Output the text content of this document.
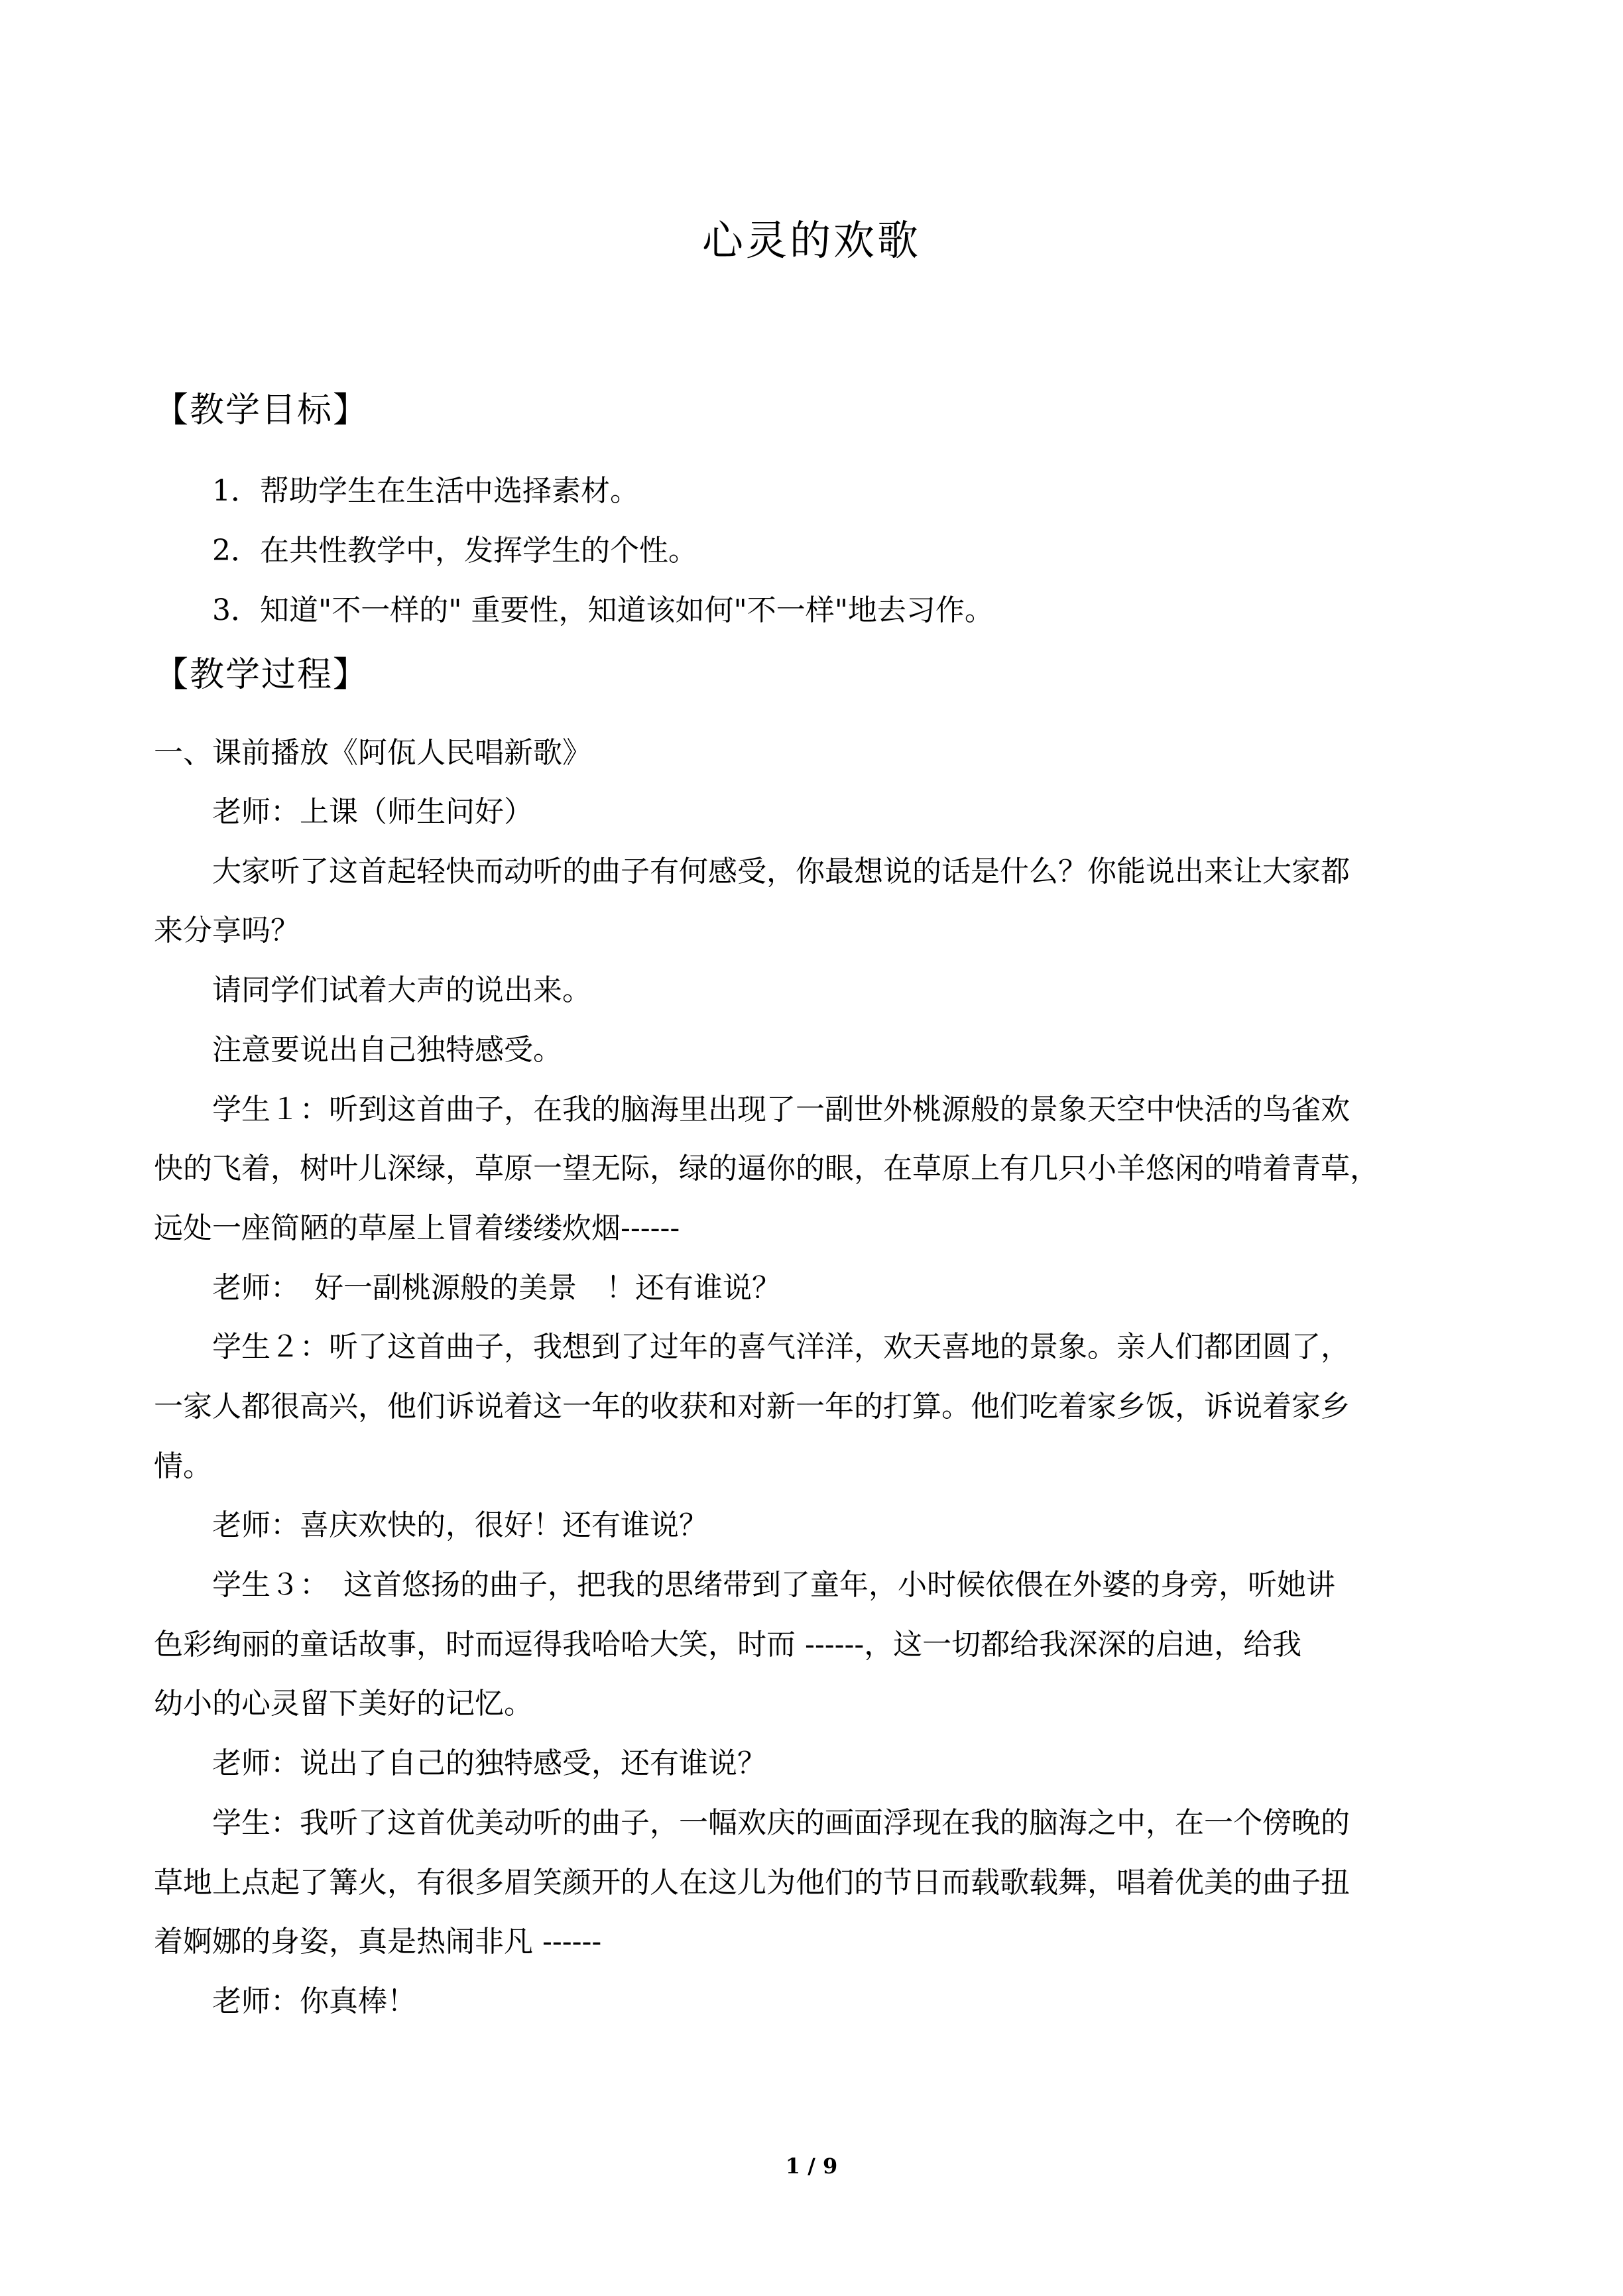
心灵的欢歌
【教学目标】
1．帮助学生在生活中选择素材。
2．在共性教学中，发挥学生的个性。
3．知道"不一样的" 重要性，知道该如何"不一样"地去习作。
【教学过程】
一、课前播放《阿佤人民唱新歌》
老师：上课（师生问好）
大家听了这首起轻快而动听的曲子有何感受，你最想说的话是什么？你能说出来让大家都
来分享吗？
请同学们试着大声的说出来。
注意要说出自己独特感受。
学生１：听到这首曲子，在我的脑海里出现了一副世外桃源般的景象天空中快活的鸟雀欢
快的飞着，树叶儿深绿，草原一望无际，绿的逼你的眼，在草原上有几只小羊悠闲的啃着青草，
远处一座简陋的草屋上冒着缕缕炊烟------
老师：　好一副桃源般的美景　！还有谁说？
学生２：听了这首曲子，我想到了过年的喜气洋洋，欢天喜地的景象。亲人们都团圆了，
一家人都很高兴，他们诉说着这一年的收获和对新一年的打算。他们吃着家乡饭，诉说着家乡
情。
老师：喜庆欢快的，很好！还有谁说？
学生３：　这首悠扬的曲子，把我的思绪带到了童年，小时候依偎在外婆的身旁，听她讲
色彩绚丽的童话故事，时而逗得我哈哈大笑，时而 ------，这一切都给我深深的启迪，给我
幼小的心灵留下美好的记忆。
老师：说出了自己的独特感受，还有谁说？
学生：我听了这首优美动听的曲子，一幅欢庆的画面浮现在我的脑海之中，在一个傍晚的
草地上点起了篝火，有很多眉笑颜开的人在这儿为他们的节日而载歌载舞，唱着优美的曲子扭
着婀娜的身姿，真是热闹非凡 ------
老师：你真棒！
1 / 9
